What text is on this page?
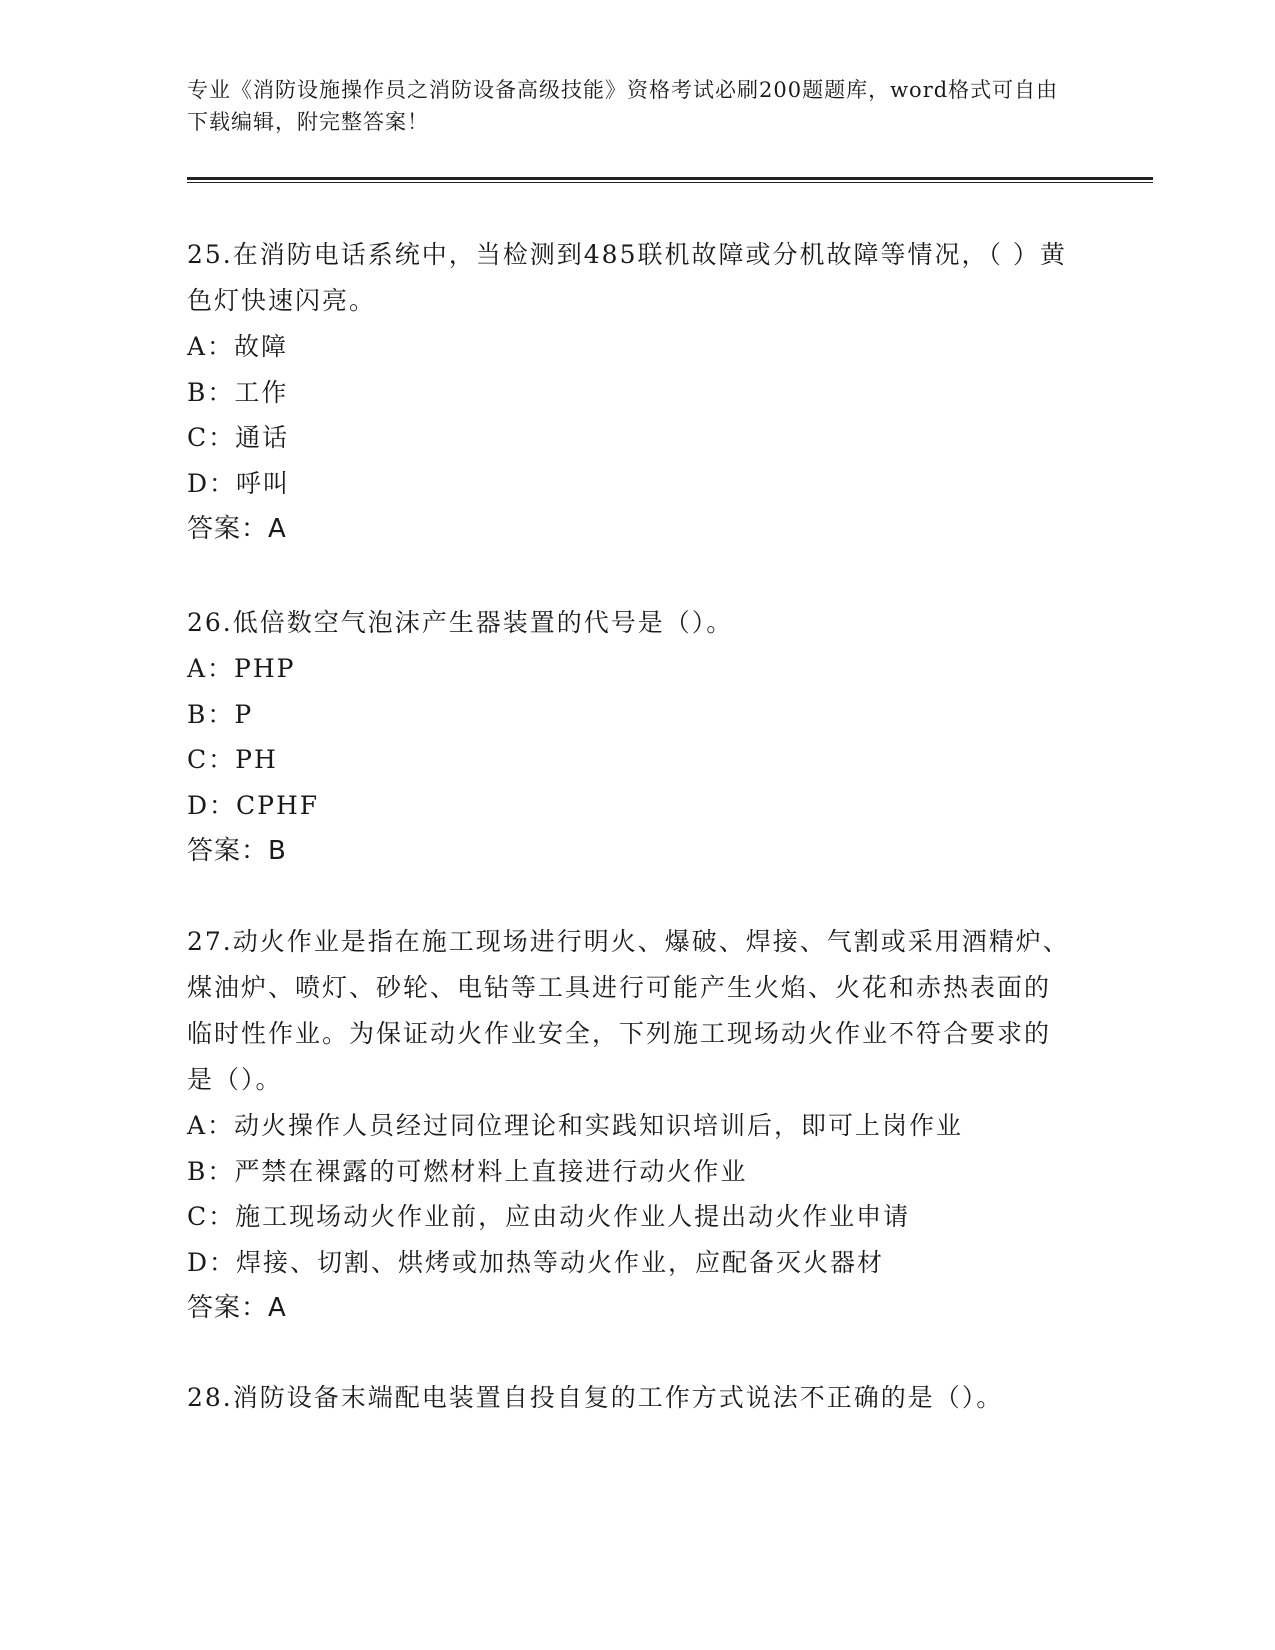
专业《消防设施操作员之消防设备高级技能》资格考试必刷200题题库，word格式可自由下载编辑，附完整答案！
25.在消防电话系统中，当检测到485联机故障或分机故障等情况，（ ）黄色灯快速闪亮。
A：故障
B：工作
C：通话
D：呼叫
答案：A
26.低倍数空气泡沫产生器装置的代号是（）。
A：PHP
B：P
C：PH
D：CPHF
答案：B
27.动火作业是指在施工现场进行明火、爆破、焊接、气割或采用酒精炉、煤油炉、喷灯、砂轮、电钻等工具进行可能产生火焰、火花和赤热表面的临时性作业。为保证动火作业安全，下列施工现场动火作业不符合要求的是（）。
A：动火操作人员经过同位理论和实践知识培训后，即可上岗作业
B：严禁在裸露的可燃材料上直接进行动火作业
C：施工现场动火作业前，应由动火作业人提出动火作业申请
D：焊接、切割、烘烤或加热等动火作业，应配备灭火器材
答案：A
28.消防设备末端配电装置自投自复的工作方式说法不正确的是（）。
